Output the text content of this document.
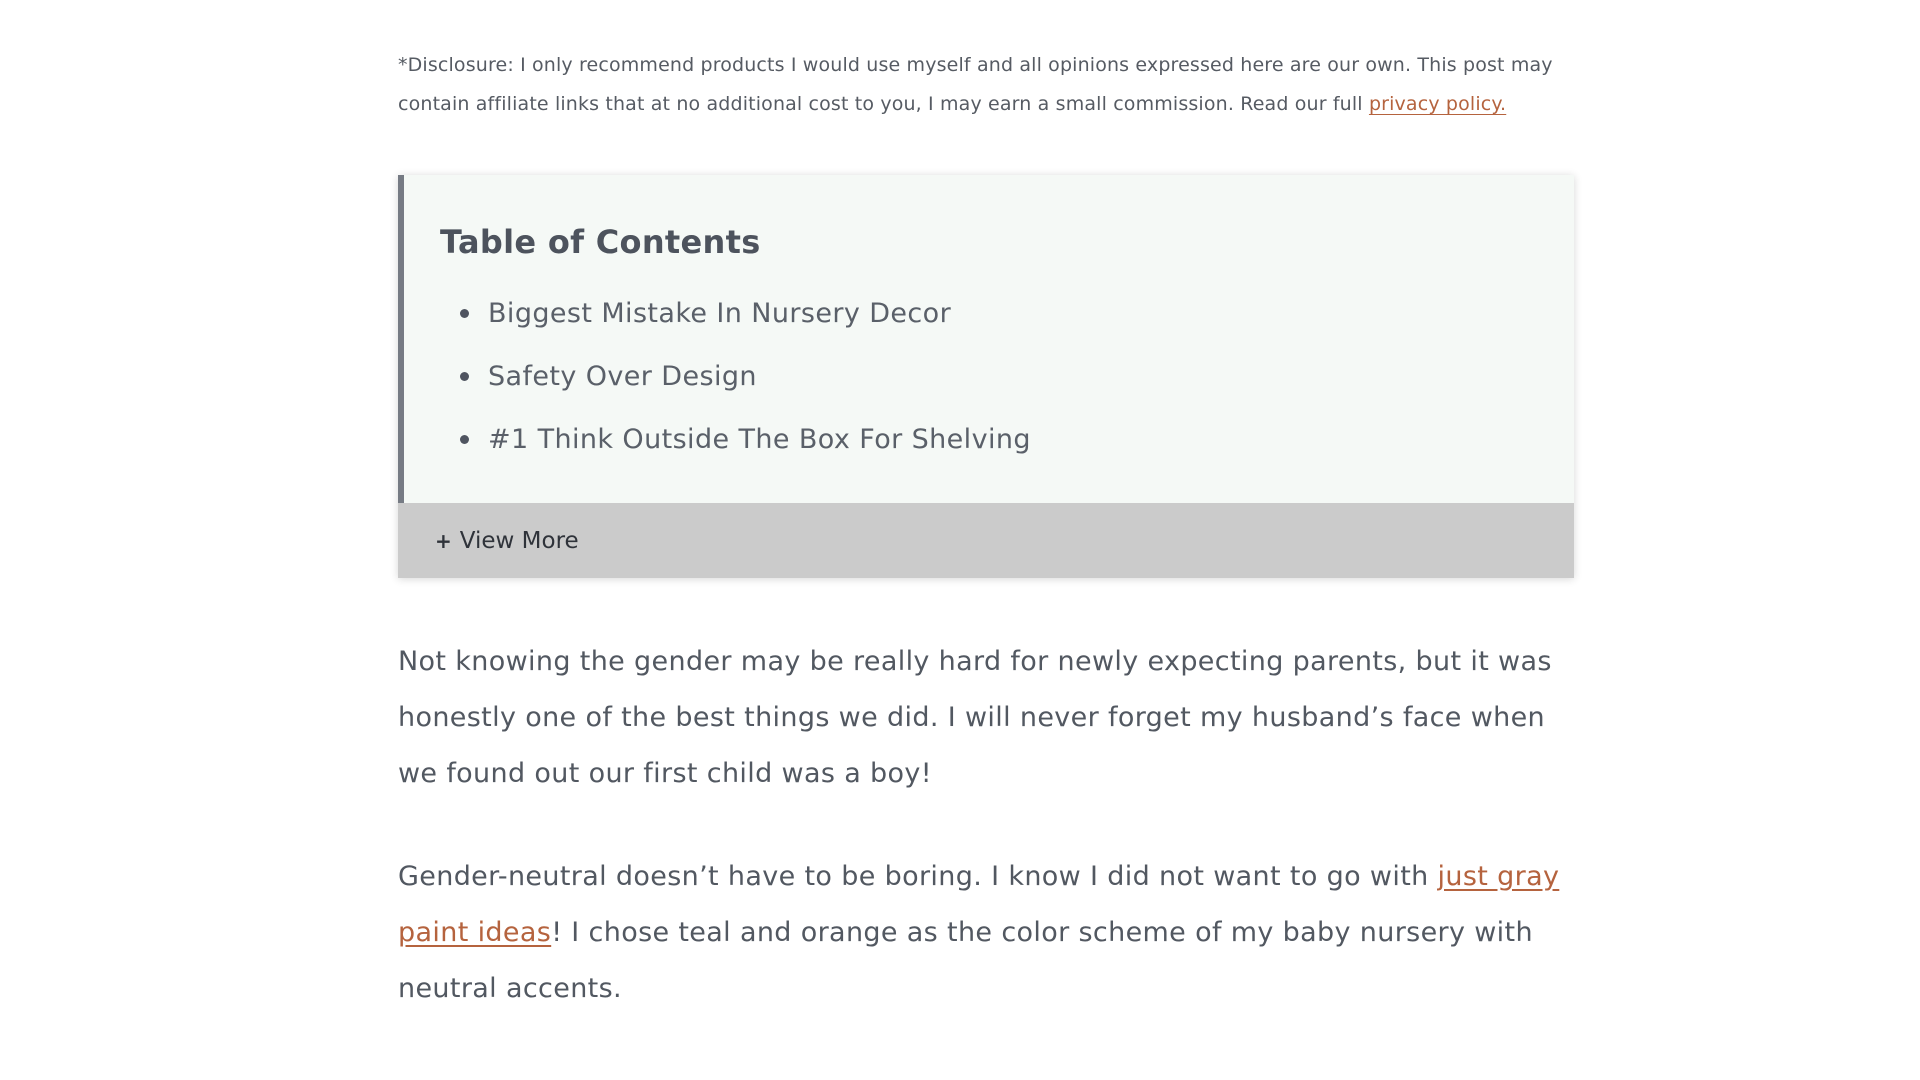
*Disclosure: I only recommend products I would use myself and all opinions expressed here are our own. This post may contain affiliate links that at no additional cost to you, I may earn a small commission. Read our full privacy policy.

Table of Contents
Biggest Mistake In Nursery Decor
Safety Over Design
#1 Think Outside The Box For Shelving
+ View More

Not knowing the gender may be really hard for newly expecting parents, but it was honestly one of the best things we did. I will never forget my husband’s face when we found out our first child was a boy!

Gender-neutral doesn’t have to be boring. I know I did not want to go with just gray paint ideas! I chose teal and orange as the color scheme of my baby nursery with neutral accents.
